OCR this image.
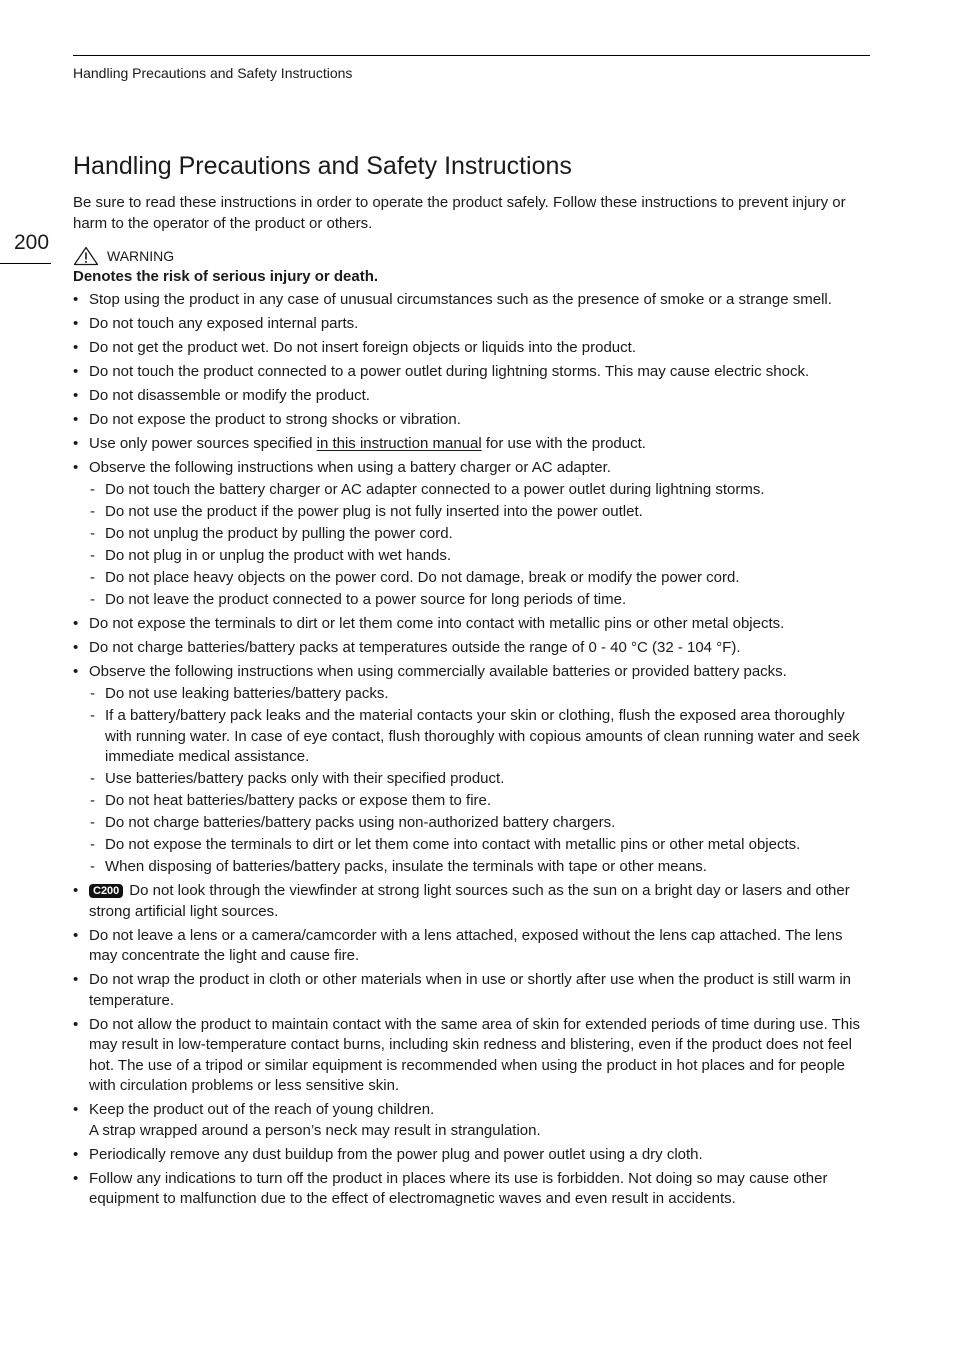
Handling Precautions and Safety Instructions
200
Handling Precautions and Safety Instructions

Be sure to read these instructions in order to operate the product safely. Follow these instructions to prevent injury or harm to the operator of the product or others.

WARNING

Denotes the risk of serious injury or death.

• Stop using the product in any case of unusual circumstances such as the presence of smoke or a strange smell.
• Do not touch any exposed internal parts.
• Do not get the product wet. Do not insert foreign objects or liquids into the product.
• Do not touch the product connected to a power outlet during lightning storms. This may cause electric shock.
• Do not disassemble or modify the product.
• Do not expose the product to strong shocks or vibration.
• Use only power sources specified in this instruction manual for use with the product.
• Observe the following instructions when using a battery charger or AC adapter.
- Do not touch the battery charger or AC adapter connected to a power outlet during lightning storms.
- Do not use the product if the power plug is not fully inserted into the power outlet.
- Do not unplug the product by pulling the power cord.
- Do not plug in or unplug the product with wet hands.
- Do not place heavy objects on the power cord. Do not damage, break or modify the power cord.
- Do not leave the product connected to a power source for long periods of time.
• Do not expose the terminals to dirt or let them come into contact with metallic pins or other metal objects.
• Do not charge batteries/battery packs at temperatures outside the range of 0 - 40 °C (32 - 104 °F).
• Observe the following instructions when using commercially available batteries or provided battery packs.
- Do not use leaking batteries/battery packs.
- If a battery/battery pack leaks and the material contacts your skin or clothing, flush the exposed area thoroughly with running water. In case of eye contact, flush thoroughly with copious amounts of clean running water and seek immediate medical assistance.
- Use batteries/battery packs only with their specified product.
- Do not heat batteries/battery packs or expose them to fire.
- Do not charge batteries/battery packs using non-authorized battery chargers.
- Do not expose the terminals to dirt or let them come into contact with metallic pins or other metal objects.
- When disposing of batteries/battery packs, insulate the terminals with tape or other means.
• C200 Do not look through the viewfinder at strong light sources such as the sun on a bright day or lasers and other strong artificial light sources.
• Do not leave a lens or a camera/camcorder with a lens attached, exposed without the lens cap attached. The lens may concentrate the light and cause fire.
• Do not wrap the product in cloth or other materials when in use or shortly after use when the product is still warm in temperature.
• Do not allow the product to maintain contact with the same area of skin for extended periods of time during use. This may result in low-temperature contact burns, including skin redness and blistering, even if the product does not feel hot. The use of a tripod or similar equipment is recommended when using the product in hot places and for people with circulation problems or less sensitive skin.
• Keep the product out of the reach of young children.
A strap wrapped around a person’s neck may result in strangulation.
• Periodically remove any dust buildup from the power plug and power outlet using a dry cloth.
• Follow any indications to turn off the product in places where its use is forbidden. Not doing so may cause other equipment to malfunction due to the effect of electromagnetic waves and even result in accidents.
